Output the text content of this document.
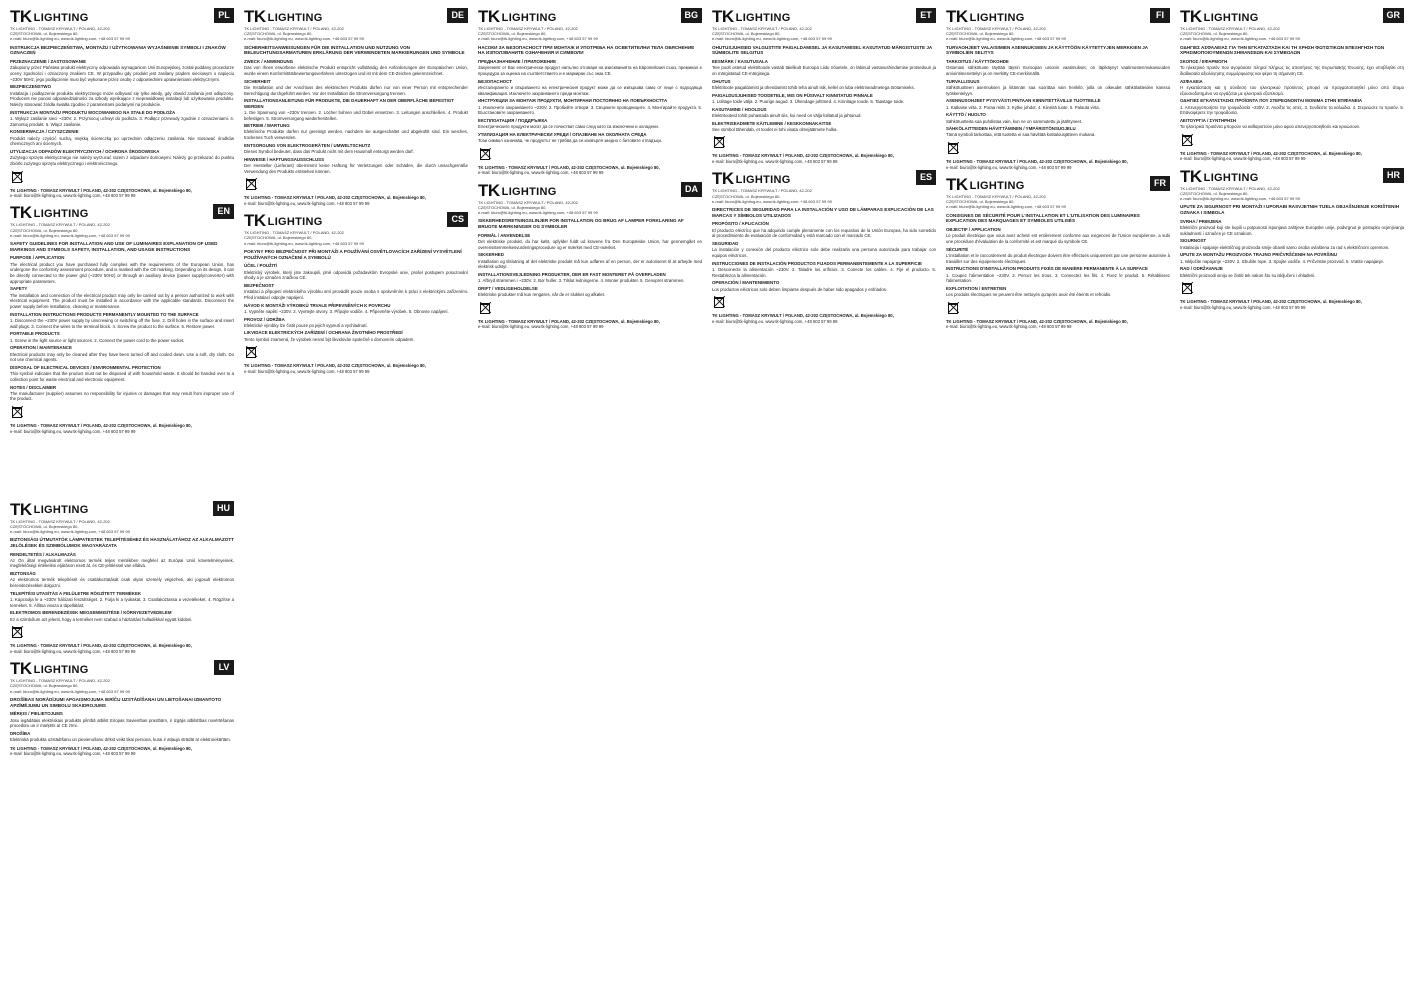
TK LIGHTING
TK LIGHTING - TOMASZ KRYWULT / POLAND, 42-202 CZĘSTOCHOWA, ul. Bojemskiego 80,
e-mail: biuro@tk-lighting.eu, www.tk-lighting.com, +48 603 57 99 99
PL
INSTRUKCJA BEZPIECZEŃSTWA, MONTAŻU I UŻYTKOWANIA WYJAŚNIENIE SYMBOLI I ZNAKÓW OZNACZEŃ
PRZEZNACZENIE / ZASTOSOWANIE
Zakupiony przez Państwa produkt elektryczny odpowiada wymaganiom Unii Europejskiej, został poddany procedurze oceny zgodności i oznaczony znakiem CE. W przypadku gdy produkt jest zasilany prądem sieciowym o napięciu ~230V 50Hz, jego podłączenie musi być wykonane przez osobę z odpowiednimi uprawnieniami elektrycznymi.
BEZPIECZEŃSTWO
Instalacja i podłączenie produktu elektrycznego może odbywać się tylko wtedy, gdy obwód zasilania jest odłączony. Producent nie ponosi odpowiedzialności za szkody wynikające z nieprawidłowej instalacji lub użytkowania produktu. Należy stosować źródła światła zgodnie z parametrami podanymi na produkcie.
INSTRUKCJA MONTAŻU PRODUKTU MOCOWANEGO NA STAŁE DO PODŁOŻA
1. Wyłącz zasilanie sieci ~230V. 2. Przymocuj uchwyt do podłoża. 3. Podłącz przewody zgodnie z oznaczeniami. 4. Zamontuj produkt. 5. Włącz zasilanie.
KONSERWACJA / CZYSZCZENIE
Produkt należy czyścić suchą, miękką ściereczką po uprzednim odłączeniu zasilania. Nie stosować środków chemicznych ani ściernych.
UTYLIZACJA ODPADÓW ELEKTRYCZNYCH / OCHRONA ŚRODOWISKA
Zużytego sprzętu elektrycznego nie należy wyrzucać razem z odpadami domowymi. Należy go przekazać do punktu zbiórki zużytego sprzętu elektrycznego i elektronicznego.
TK LIGHTING - TOMASZ KRYWULT / POLAND, 42-202 CZĘSTOCHOWA, ul. Bojemskiego 80,
e-mail: biuro@tk-lighting.eu, www.tk-lighting.com, +48 603 57 99 99
TK LIGHTING
TK LIGHTING - TOMASZ KRYWULT / POLAND, 42-202 CZĘSTOCHOWA, ul. Bojemskiego 80,
e-mail: biuro@tk-lighting.eu, www.tk-lighting.com, +48 603 57 99 99
EN
SAFETY GUIDELINES FOR INSTALLATION AND USE OF LUMINAIRES EXPLANATION OF USED MARKINGS AND SYMBOLS SAFETY, INSTALLATION, AND USAGE INSTRUCTIONS
PURPOSE / APPLICATION
The electrical product you have purchased fully complies with the requirements of the European Union, has undergone the conformity assessment procedure, and is marked with the CE marking. Depending on its design, it can be directly connected to the power grid (~230V 50Hz) or through an auxiliary device (power supply/converter) with appropriate parameters.
SAFETY
The installation and connection of the electrical product may only be carried out by a person authorized to work with electrical equipment. The product must be installed in accordance with the applicable standards. Disconnect the power supply before installation, cleaning or maintenance.
INSTALLATION INSTRUCTIONS PRODUCTS PERMANENTLY MOUNTED TO THE SURFACE
1. Disconnect the ~230V power supply by unscrewing or switching off the fuse. 2. Drill holes in the surface and insert wall plugs. 3. Connect the wires to the terminal block. 4. Screw the product to the surface. 5. Restore power.
PORTABLE PRODUCTS
1. Screw in the light source or light sources. 2. Connect the power cord to the power socket.
OPERATION / MAINTENANCE
Electrical products may only be cleaned after they have been turned off and cooled down. Use a soft, dry cloth. Do not use chemical agents.
DISPOSAL OF ELECTRICAL DEVICES / ENVIRONMENTAL PROTECTION
This symbol indicates that the product must not be disposed of with household waste. It should be handed over to a collection point for waste electrical and electronic equipment.
NOTES / DISCLAIMER
The manufacturer (supplier) assumes no responsibility for injuries or damages that may result from improper use of the product.
TK LIGHTING - TOMASZ KRYWULT / POLAND, 42-202 CZĘSTOCHOWA, ul. Bojemskiego 80,
e-mail: biuro@tk-lighting.eu, www.tk-lighting.com, +48 603 57 99 99
TK LIGHTING
TK LIGHTING - TOMASZ KRYWULT / POLAND, 42-202 CZĘSTOCHOWA, ul. Bojemskiego 80,
e-mail: biuro@tk-lighting.eu, www.tk-lighting.com, +48 603 57 99 99
DE
SICHERHEITSANWEISUNGEN FÜR DIE INSTALLATION UND NUTZUNG VON BELEUCHTUNGSARMATUREN ERKLÄRUNG DER VERWENDETEN MARKIERUNGEN UND SYMBOLE
ZWECK / ANWENDUNG
Das von Ihnen erworbene elektrische Produkt entspricht vollständig den Anforderungen der Europäischen Union, wurde einem Konformitätsbewertungsverfahren unterzogen und ist mit dem CE-Zeichen gekennzeichnet.
SICHERHEIT
Die Installation und der Anschluss des elektrischen Produkts dürfen nur von einer Person mit entsprechender Berechtigung durchgeführt werden. Vor der Installation die Stromversorgung trennen.
INSTALLATIONSANLEITUNG FÜR PRODUKTE, DIE DAUERHAFT AN DER OBERFLÄCHE BEFESTIGT WERDEN
1. Die Spannung von ~230V trennen. 2. Löcher bohren und Dübel einsetzen. 3. Leitungen anschließen. 4. Produkt befestigen. 5. Stromversorgung wiederherstellen.
BETRIEB / WARTUNG
Elektrische Produkte dürfen nur gereinigt werden, nachdem sie ausgeschaltet und abgekühlt sind. Ein weiches, trockenes Tuch verwenden.
ENTSORGUNG VON ELEKTROGERÄTEN / UMWELTSCHUTZ
Dieses Symbol bedeutet, dass das Produkt nicht mit dem Hausmüll entsorgt werden darf.
HINWEISE / HAFTUNGSAUSSCHLUSS
Der Hersteller (Lieferant) übernimmt keine Haftung für Verletzungen oder Schäden, die durch unsachgemäße Verwendung des Produkts entstehen können.
TK LIGHTING - TOMASZ KRYWULT / POLAND, 42-202 CZĘSTOCHOWA, ul. Bojemskiego 80,
e-mail: biuro@tk-lighting.eu, www.tk-lighting.com, +48 603 57 99 99
TK LIGHTING
TK LIGHTING - TOMASZ KRYWULT / POLAND, 42-202 CZĘSTOCHOWA, ul. Bojemskiego 80,
e-mail: biuro@tk-lighting.eu, www.tk-lighting.com, +48 603 57 99 99
CS
POKYNY PRO BEZPEČNOST PŘI MONTÁŽI A POUŽÍVÁNÍ OSVĚTLOVACÍCH ZAŘÍZENÍ VYSVĚTLENÍ POUŽÍVANÝCH OZNAČENÍ A SYMBOLŮ
ÚČEL / POUŽITÍ
Elektrický výrobek, který jste zakoupili, plně odpovídá požadavkům Evropské unie, prošel postupem posuzování shody a je označen značkou CE.
BEZPEČNOST
Instalaci a připojení elektrického výrobku smí provádět pouze osoba s oprávněním k práci s elektrickými zařízeními. Před instalací odpojte napájení.
NÁVOD K MONTÁŽI VÝROBKŮ TRVALE PŘIPEVNĚNÝCH K POVRCHU
1. Vypněte napětí ~230V. 2. Vyvrtejte otvory. 3. Připojte vodiče. 4. Připevněte výrobek. 5. Obnovte napájení.
PROVOZ / ÚDRŽBA
Elektrické výrobky lze čistit pouze po jejich vypnutí a vychladnutí.
LIKVIDACE ELEKTRICKÝCH ZAŘÍZENÍ / OCHRANA ŽIVOTNÍHO PROSTŘEDÍ
Tento symbol znamená, že výrobek nesmí být likvidován společně s domovním odpadem.
TK LIGHTING - TOMASZ KRYWULT / POLAND, 42-202 CZĘSTOCHOWA, ul. Bojemskiego 80,
e-mail: biuro@tk-lighting.eu, www.tk-lighting.com, +48 603 57 99 99
TK LIGHTING
TK LIGHTING - TOMASZ KRYWULT / POLAND, 42-202 CZĘSTOCHOWA, ul. Bojemskiego 80,
e-mail: biuro@tk-lighting.eu, www.tk-lighting.com, +48 603 57 99 99
BG
НАСОКИ ЗА БЕЗОПАСНОСТ ПРИ МОНТАЖ И УПОТРЕБА НА ОСВЕТИТЕЛНИ ТЕЛА ОБЯСНЕНИЕ НА ИЗПОЛЗВАНИТЕ ОЗНАЧЕНИЯ И СИМВОЛИ
ПРЕДНАЗНАЧЕНИЕ / ПРИЛОЖЕНИЕ
Закупеният от Вас електрически продукт напълно отговаря на изискванията на Европейския съюз, преминал е процедура за оценка на съответствието и е маркиран със знак CE.
БЕЗОПАСНОСТ
Инсталирането и свързването на електрическия продукт може да се извършва само от лице с подходяща квалификация. Изключете захранването преди монтаж.
ИНСТРУКЦИИ ЗА МОНТАЖ ПРОДУКТИ, МОНТИРАНИ ПОСТОЯННО НА ПОВЪРХНОСТТА
1. Изключете захранването ~230V. 2. Пробийте отвори. 3. Свържете проводниците. 4. Монтирайте продукта. 5. Възстановете захранването.
ЕКСПЛОАТАЦИЯ / ПОДДРЪЖКА
Електрическите продукти могат да се почистват само след като са изключени и охладени.
УТИЛИЗАЦИЯ НА ЕЛЕКТРИЧЕСКИ УРЕДИ / ОПАЗВАНЕ НА ОКОЛНАТА СРЕДА
Този символ означава, че продуктът не трябва да се изхвърля заедно с битовите отпадъци.
TK LIGHTING - TOMASZ KRYWULT / POLAND, 42-202 CZĘSTOCHOWA, ul. Bojemskiego 80,
e-mail: biuro@tk-lighting.eu, www.tk-lighting.com, +48 603 57 99 99
TK LIGHTING
TK LIGHTING - TOMASZ KRYWULT / POLAND, 42-202 CZĘSTOCHOWA, ul. Bojemskiego 80,
e-mail: biuro@tk-lighting.eu, www.tk-lighting.com, +48 603 57 99 99
DA
SIKKERHEDSRETNINGSLINJER FOR INSTALLATION OG BRUG AF LAMPER FORKLARING AF BRUGTE MÆRKNINGER OG SYMBOLER
FORMÅL / ANVENDELSE
Det elektriske produkt, du har købt, opfylder fuldt ud kravene fra Den Europæiske Union, har gennemgået en overensstemmelsesvurderingsprocedure og er mærket med CE-mærket.
SIKKERHED
Installation og tilslutning af det elektriske produkt må kun udføres af en person, der er autoriseret til at arbejde med elektrisk udstyr.
INSTALLATIONSVEJLEDNING PRODUKTER, DER ER FAST MONTERET PÅ OVERFLADEN
1. Afbryd strømmen i ~230V. 2. Bor huller. 3. Tilslut ledningerne. 4. Monter produktet. 5. Genopret strømmen.
DRIFT / VEDLIGEHOLDELSE
Elektriske produkter må kun rengøres, når de er slukket og afkølet.
TK LIGHTING - TOMASZ KRYWULT / POLAND, 42-202 CZĘSTOCHOWA, ul. Bojemskiego 80,
e-mail: biuro@tk-lighting.eu, www.tk-lighting.com, +48 603 57 99 99
TK LIGHTING
TK LIGHTING - TOMASZ KRYWULT / POLAND, 42-202 CZĘSTOCHOWA, ul. Bojemskiego 80,
e-mail: biuro@tk-lighting.eu, www.tk-lighting.com, +48 603 57 99 99
ET
OHUTUSJUHISED VALGUSTITE PAIGALDAMISEL JA KASUTAMISEL KASUTATUD MÄRGISTUSTE JA SÜMBOLITE SELGITUS
EESMÄRK / KASUTUSALA
Teie poolt ostetud elektritoode vastab täielikult Euroopa Liidu nõuetele, on läbinud vastavushindamise protseduuri ja on märgistatud CE-märgisega.
OHUTUS
Elektritoote paigaldamist ja ühendamist tohib teha ainult isik, kellel on luba elektriseadmetega töötamiseks.
PAIGALDUSJUHISED TOODETELE, MIS ON PÜSIVALT KINNITATUD PINNALE
1. Lülitage toide välja. 2. Puurige augud. 3. Ühendage juhtmed. 4. Kinnitage toode. 5. Taastage toide.
KASUTAMINE / HOOLDUS
Elektritooteid tohib puhastada ainult siis, kui need on välja lülitatud ja jahtunud.
ELEKTRISEADMETE KÄITLEMINE / KESKKONNAKAITSE
See sümbol tähendab, et toodet ei tohi visata olmejäätmete hulka.
TK LIGHTING - TOMASZ KRYWULT / POLAND, 42-202 CZĘSTOCHOWA, ul. Bojemskiego 80,
e-mail: biuro@tk-lighting.eu, www.tk-lighting.com, +48 603 57 99 99
TK LIGHTING
TK LIGHTING - TOMASZ KRYWULT / POLAND, 42-202 CZĘSTOCHOWA, ul. Bojemskiego 80,
e-mail: biuro@tk-lighting.eu, www.tk-lighting.com, +48 603 57 99 99
ES
DIRECTRICES DE SEGURIDAD PARA LA INSTALACIÓN Y USO DE LÁMPARAS EXPLICACIÓN DE LAS MARCAS Y SÍMBOLOS UTILIZADOS
PROPÓSITO / APLICACIÓN
El producto eléctrico que ha adquirido cumple plenamente con los requisitos de la Unión Europea, ha sido sometido al procedimiento de evaluación de conformidad y está marcado con el marcado CE.
SEGURIDAD
La instalación y conexión del producto eléctrico solo debe realizarla una persona autorizada para trabajar con equipos eléctricos.
INSTRUCCIONES DE INSTALACIÓN PRODUCTOS FIJADOS PERMANENTEMENTE A LA SUPERFICIE
1. Desconecte la alimentación ~230V. 2. Taladre los orificios. 3. Conecte los cables. 4. Fije el producto. 5. Restablezca la alimentación.
OPERACIÓN / MANTENIMIENTO
Los productos eléctricos solo deben limpiarse después de haber sido apagados y enfriados.
TK LIGHTING - TOMASZ KRYWULT / POLAND, 42-202 CZĘSTOCHOWA, ul. Bojemskiego 80,
e-mail: biuro@tk-lighting.eu, www.tk-lighting.com, +48 603 57 99 99
TK LIGHTING
TK LIGHTING - TOMASZ KRYWULT / POLAND, 42-202 CZĘSTOCHOWA, ul. Bojemskiego 80,
e-mail: biuro@tk-lighting.eu, www.tk-lighting.com, +48 603 57 99 99
FI
TURVAOHJEET VALAISIMIEN ASENNUKSEEN JA KÄYTTÖÖN KÄYTETTYJEN MERKKIEN JA SYMBOLIEN SELITYS
TARKOITUS / KÄYTTÖKOHDE
Ostamasi sähkötuote täyttää täysin Euroopan unionin vaatimukset, on läpikäynyt vaatimustenmukaisuuden arviointimenettelyn ja on merkitty CE-merkinnällä.
TURVALLISUUS
Sähkötuotteen asennuksen ja liitännän saa suorittaa vain henkilö, jolla on oikeudet sähkölaitteiden kanssa työskentelyyn.
ASENNUSOHJEET PYSYVÄSTI PINTAAN KIINNITETTÄVILLE TUOTTEILLE
1. Katkaise virta. 2. Poraa reiät. 3. Kytke johdot. 4. Kiinnitä tuote. 5. Palauta virta.
KÄYTTÖ / HUOLTO
Sähkötuotteita saa puhdistaa vain, kun ne on sammutettu ja jäähtyneet.
SÄHKÖLAITTEIDEN HÄVITTÄMINEN / YMPÄRISTÖNSUOJELU
Tämä symboli tarkoittaa, että tuotetta ei saa hävittää kotitalousjätteen mukana.
TK LIGHTING - TOMASZ KRYWULT / POLAND, 42-202 CZĘSTOCHOWA, ul. Bojemskiego 80,
e-mail: biuro@tk-lighting.eu, www.tk-lighting.com, +48 603 57 99 99
TK LIGHTING
TK LIGHTING - TOMASZ KRYWULT / POLAND, 42-202 CZĘSTOCHOWA, ul. Bojemskiego 80,
e-mail: biuro@tk-lighting.eu, www.tk-lighting.com, +48 603 57 99 99
FR
CONSIGNES DE SÉCURITÉ POUR L'INSTALLATION ET L'UTILISATION DES LUMINAIRES EXPLICATION DES MARQUAGES ET SYMBOLES UTILISÉS
OBJECTIF / APPLICATION
Le produit électrique que vous avez acheté est entièrement conforme aux exigences de l'Union européenne, a subi une procédure d'évaluation de la conformité et est marqué du symbole CE.
SÉCURITÉ
L'installation et le raccordement du produit électrique doivent être effectués uniquement par une personne autorisée à travailler sur des équipements électriques.
INSTRUCTIONS D'INSTALLATION PRODUITS FIXÉS DE MANIÈRE PERMANENTE À LA SURFACE
1. Coupez l'alimentation ~230V. 2. Percez les trous. 3. Connectez les fils. 4. Fixez le produit. 5. Rétablissez l'alimentation.
EXPLOITATION / ENTRETIEN
Les produits électriques ne peuvent être nettoyés qu'après avoir été éteints et refroidis.
TK LIGHTING - TOMASZ KRYWULT / POLAND, 42-202 CZĘSTOCHOWA, ul. Bojemskiego 80,
e-mail: biuro@tk-lighting.eu, www.tk-lighting.com, +48 603 57 99 99
TK LIGHTING
TK LIGHTING - TOMASZ KRYWULT / POLAND, 42-202 CZĘSTOCHOWA, ul. Bojemskiego 80,
e-mail: biuro@tk-lighting.eu, www.tk-lighting.com, +48 603 57 99 99
GR
ΟΔΗΓΙΕΣ ΑΣΦΑΛΕΙΑΣ ΓΙΑ ΤΗΝ ΕΓΚΑΤΑΣΤΑΣΗ ΚΑΙ ΤΗ ΧΡΗΣΗ ΦΩΤΙΣΤΙΚΩΝ ΕΠΕΞΗΓΗΣΗ ΤΩΝ ΧΡΗΣΙΜΟΠΟΙΟΥΜΕΝΩΝ ΣΗΜΑΝΣΕΩΝ ΚΑΙ ΣΥΜΒΟΛΩΝ
ΣΚΟΠΟΣ / ΕΦΑΡΜΟΓΗ
Το ηλεκτρικό προϊόν που αγοράσατε πληροί πλήρως τις απαιτήσεις της Ευρωπαϊκής Ένωσης, έχει υποβληθεί στη διαδικασία αξιολόγησης συμμόρφωσης και φέρει τη σήμανση CE.
ΑΣΦΑΛΕΙΑ
Η εγκατάσταση και η σύνδεση του ηλεκτρικού προϊόντος μπορεί να πραγματοποιηθεί μόνο από άτομο εξουσιοδοτημένο να εργάζεται με ηλεκτρικό εξοπλισμό.
ΟΔΗΓΙΕΣ ΕΓΚΑΤΑΣΤΑΣΗΣ ΠΡΟΪΟΝΤΑ ΠΟΥ ΣΤΕΡΕΩΝΟΝΤΑΙ ΜΟΝΙΜΑ ΣΤΗΝ ΕΠΙΦΑΝΕΙΑ
1. Απενεργοποιήστε την τροφοδοσία ~230V. 2. Ανοίξτε τις οπές. 3. Συνδέστε τα καλώδια. 4. Στερεώστε το προϊόν. 5. Επαναφέρετε την τροφοδοσία.
ΛΕΙΤΟΥΡΓΙΑ / ΣΥΝΤΗΡΗΣΗ
Τα ηλεκτρικά προϊόντα μπορούν να καθαριστούν μόνο αφού απενεργοποιηθούν και κρυώσουν.
TK LIGHTING - TOMASZ KRYWULT / POLAND, 42-202 CZĘSTOCHOWA, ul. Bojemskiego 80,
e-mail: biuro@tk-lighting.eu, www.tk-lighting.com, +48 603 57 99 99
TK LIGHTING
TK LIGHTING - TOMASZ KRYWULT / POLAND, 42-202 CZĘSTOCHOWA, ul. Bojemskiego 80,
e-mail: biuro@tk-lighting.eu, www.tk-lighting.com, +48 603 57 99 99
HR
UPUTE ZA SIGURNOST PRI MONTAŽI I UPORABI RASVJETNIH TIJELA OBJAŠNJENJE KORIŠTENIH OZNAKA I SIMBOLA
SVRHA / PRIMJENA
Električni proizvod koji ste kupili u potpunosti ispunjava zahtjeve Europske unije, podvrgnut je postupku ocjenjivanja sukladnosti i označen je CE oznakom.
SIGURNOST
Instalaciju i spajanje električnog proizvoda smije obaviti samo osoba ovlaštena za rad s električnom opremom.
UPUTE ZA MONTAŽU PROIZVODA TRAJNO PRIČVRŠĆENIH NA POVRŠINU
1. Isključite napajanje ~230V. 2. Izbušite rupe. 3. Spojite vodiče. 4. Pričvrstite proizvod. 5. Vratite napajanje.
RAD / ODRŽAVANJE
Električni proizvodi smiju se čistiti tek nakon što su isključeni i ohlađeni.
TK LIGHTING - TOMASZ KRYWULT / POLAND, 42-202 CZĘSTOCHOWA, ul. Bojemskiego 80,
e-mail: biuro@tk-lighting.eu, www.tk-lighting.com, +48 603 57 99 99
TK LIGHTING
TK LIGHTING - TOMASZ KRYWULT / POLAND, 42-202 CZĘSTOCHOWA, ul. Bojemskiego 80,
e-mail: biuro@tk-lighting.eu, www.tk-lighting.com, +48 603 57 99 99
HU
BIZTONSÁGI ÚTMUTATÓK LÁMPATESTEK TELEPÍTÉSÉHEZ ÉS HASZNÁLATÁHOZ AZ ALKALMAZOTT JELÖLÉSEK ÉS SZIMBÓLUMOK MAGYARÁZATA
RENDELTETÉS / ALKALMAZÁS
Az Ön által megvásárolt elektromos termék teljes mértékben megfelel az Európai Unió követelményeinek, megfelelőségi értékelési eljáráson esett át, és CE-jelöléssel van ellátva.
BIZTONSÁG
Az elektromos termék telepítését és csatlakoztatását csak olyan személy végezheti, aki jogosult elektromos berendezésekkel dolgozni.
TELEPÍTÉSI UTASÍTÁS A FELÜLETRE RÖGZÍTETT TERMÉKEK
1. Kapcsolja le a ~230V hálózati feszültséget. 2. Fúrja ki a lyukakat. 3. Csatlakoztassa a vezetékeket. 4. Rögzítse a terméket. 5. Állítsa vissza a tápellátást.
ELEKTROMOS BERENDEZÉSEK MEGSEMMISÍTÉSE / KÖRNYEZETVÉDELEM
Ez a szimbólum azt jelenti, hogy a terméket nem szabad a háztartási hulladékkal együtt kidobni.
TK LIGHTING - TOMASZ KRYWULT / POLAND, 42-202 CZĘSTOCHOWA, ul. Bojemskiego 80,
e-mail: biuro@tk-lighting.eu, www.tk-lighting.com, +48 603 57 99 99
TK LIGHTING
TK LIGHTING - TOMASZ KRYWULT / POLAND, 42-202 CZĘSTOCHOWA, ul. Bojemskiego 80,
e-mail: biuro@tk-lighting.eu, www.tk-lighting.com, +48 603 57 99 99
LV
DROŠĪBAS NORĀDĪJUMI APGAISMOJUMA IERĪČU UZSTĀDĪŠANAI UN LIETOŠANAI IZMANTOTO APZĪMĒJUMU UN SIMBOLU SKAIDROJUMS
MĒRĶIS / PIELIETOJUMS
Jūsu iegādātais elektriskais produkts pilnībā atbilst Eiropas Savienības prasībām, ir izgājis atbilstības novērtēšanas procedūru un ir marķēts ar CE zīmi.
DROŠĪBA
Elektriskā produkta uzstādīšanu un pievienošanu drīkst veikt tikai persona, kurai ir atļauja strādāt ar elektroiekārtām.
TK LIGHTING - TOMASZ KRYWULT / POLAND, 42-202 CZĘSTOCHOWA, ul. Bojemskiego 80,
e-mail: biuro@tk-lighting.eu, www.tk-lighting.com, +48 603 57 99 99
